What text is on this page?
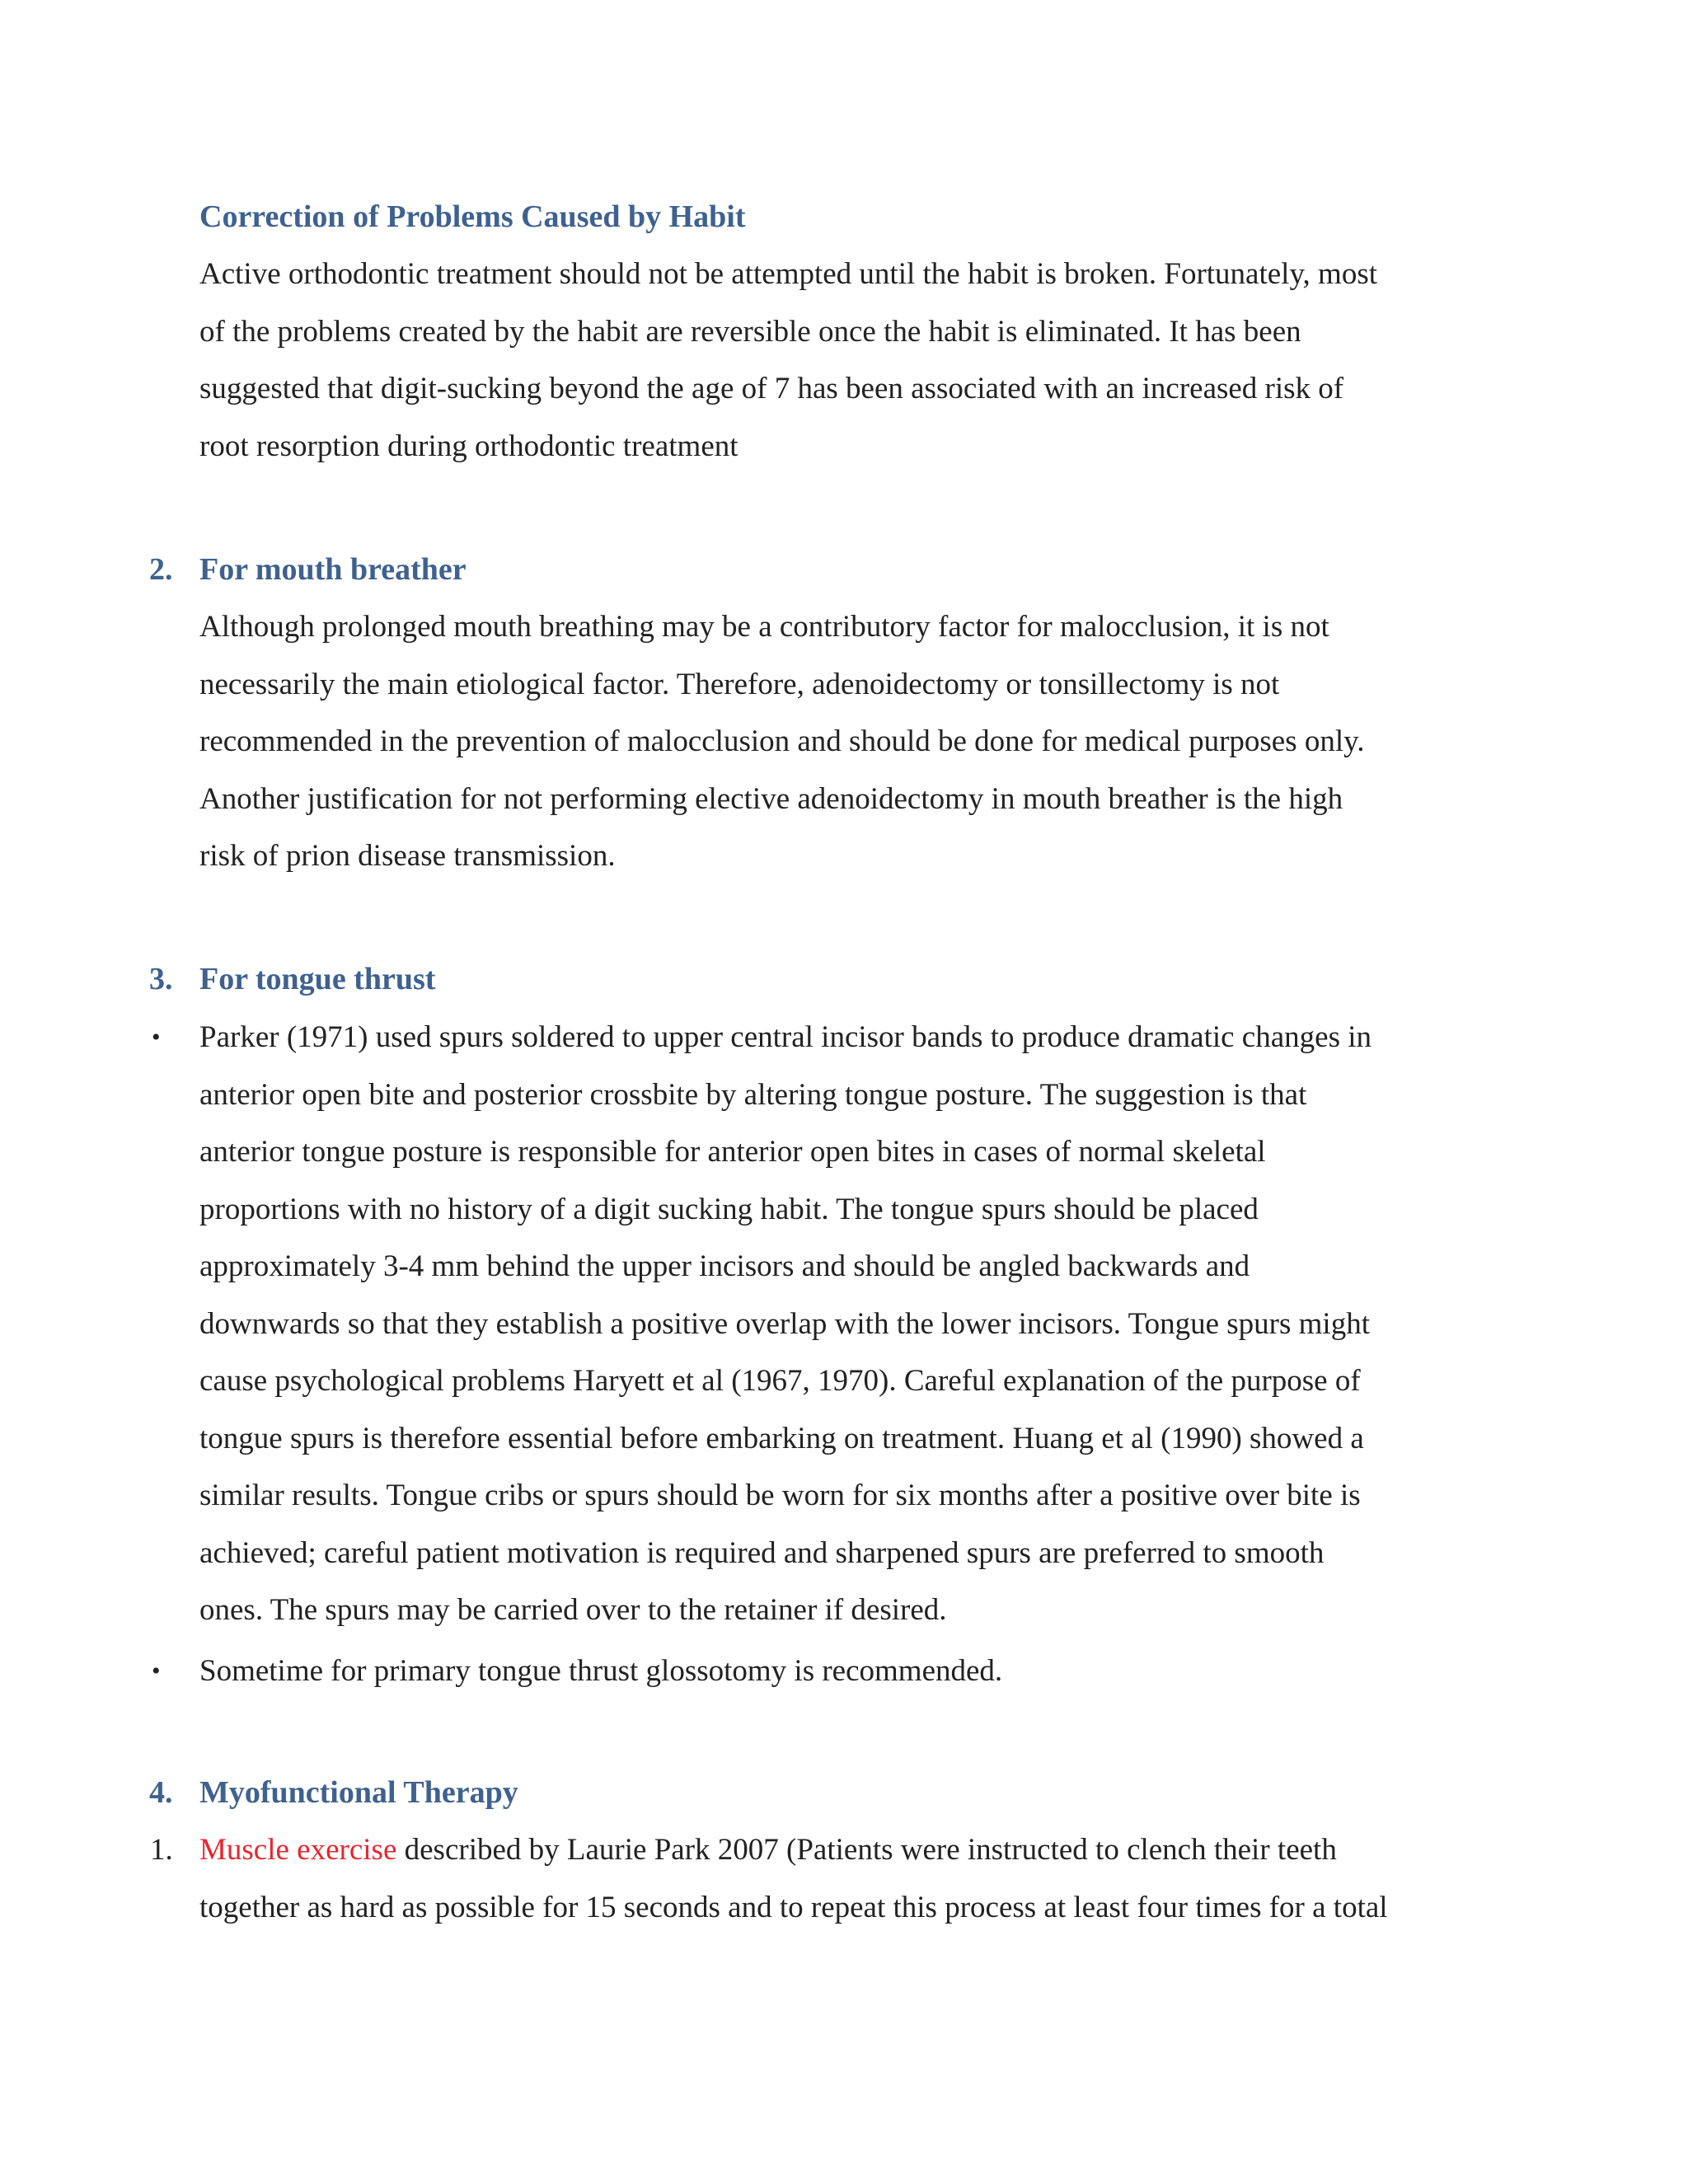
Correction of Problems Caused by Habit
Active orthodontic treatment should not be attempted until the habit is broken. Fortunately, most
of the problems created by the habit are reversible once the habit is eliminated. It has been
suggested that digit-sucking beyond the age of 7 has been associated with an increased risk of
root resorption during orthodontic treatment
2. For mouth breather
Although prolonged mouth breathing may be a contributory factor for malocclusion, it is not
necessarily the main etiological factor. Therefore, adenoidectomy or tonsillectomy is not
recommended in the prevention of malocclusion and should be done for medical purposes only.
Another justification for not performing elective adenoidectomy in mouth breather is the high
risk of prion disease transmission.
3. For tongue thrust
• Parker (1971) used spurs soldered to upper central incisor bands to produce dramatic changes in
anterior open bite and posterior crossbite by altering tongue posture. The suggestion is that
anterior tongue posture is responsible for anterior open bites in cases of normal skeletal
proportions with no history of a digit sucking habit. The tongue spurs should be placed
approximately 3-4 mm behind the upper incisors and should be angled backwards and
downwards so that they establish a positive overlap with the lower incisors. Tongue spurs might
cause psychological problems Haryett et al (1967, 1970). Careful explanation of the purpose of
tongue spurs is therefore essential before embarking on treatment. Huang et al (1990) showed a
similar results. Tongue cribs or spurs should be worn for six months after a positive over bite is
achieved; careful patient motivation is required and sharpened spurs are preferred to smooth
ones. The spurs may be carried over to the retainer if desired.
• Sometime for primary tongue thrust glossotomy is recommended.
4. Myofunctional Therapy
1. Muscle exercise described by Laurie Park 2007 (Patients were instructed to clench their teeth
together as hard as possible for 15 seconds and to repeat this process at least four times for a total
